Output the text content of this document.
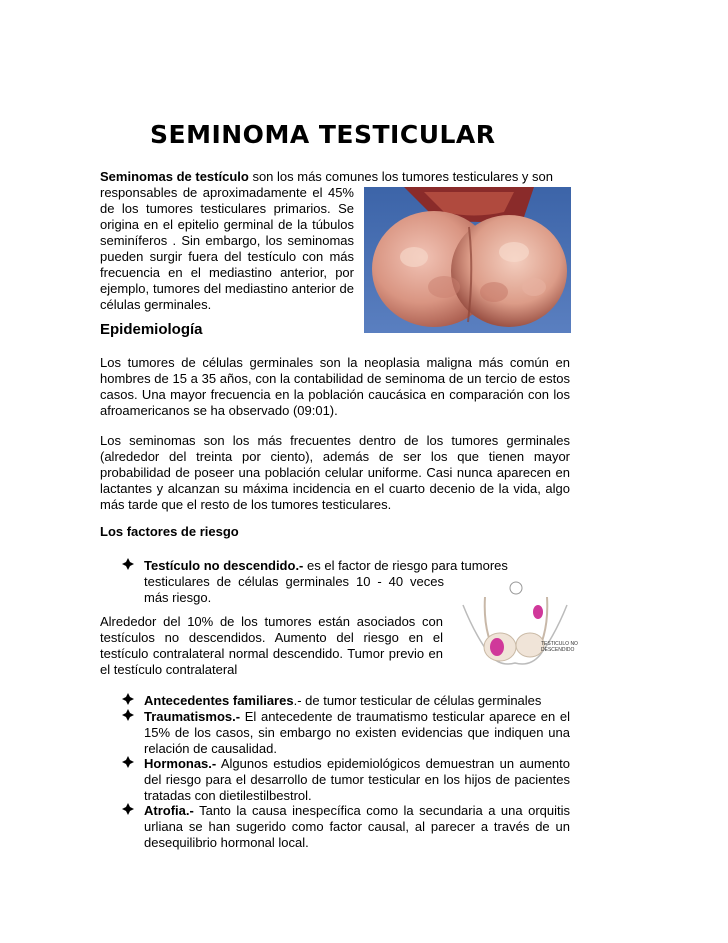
SEMINOMA TESTICULAR

Seminomas de testículo son los más comunes los tumores testiculares y son

responsables de aproximadamente el 45% de los tumores testiculares primarios. Se origina en el epitelio germinal de la túbulos seminíferos . Sin embargo, los seminomas pueden surgir fuera del testículo con más frecuencia en el mediastino anterior, por ejemplo, tumores del mediastino anterior de células germinales.

Epidemiología

Los tumores de células germinales son la neoplasia maligna más común en hombres de 15 a 35 años, con la contabilidad de seminoma de un tercio de estos casos. Una mayor frecuencia en la población caucásica en comparación con los afroamericanos se ha observado (09:01).

Los seminomas son los más frecuentes dentro de los tumores germinales (alrededor del treinta por ciento), además de ser los que tienen mayor probabilidad de poseer una población celular uniforme. Casi nunca aparecen en lactantes y alcanzan su máxima incidencia en el cuarto decenio de la vida, algo más tarde que el resto de los tumores testiculares.

Los factores de riesgo

Testículo no descendido.- es el factor de riesgo para tumores

testiculares de células germinales 10 - 40 veces más riesgo.

Alrededor del 10% de los tumores están asociados con testículos no descendidos. Aumento del riesgo en el testículo contralateral normal descendido. Tumor previo en el testículo contralateral

TESTICULO NO DESCENDIDO

Antecedentes familiares.- de tumor testicular de células germinales

Traumatismos.- El antecedente de traumatismo testicular aparece en el 15% de los casos, sin embargo no existen evidencias que indiquen una relación de causalidad.

Hormonas.- Algunos estudios epidemiológicos demuestran un aumento del riesgo para el desarrollo de tumor testicular en los hijos de pacientes tratadas con dietilestilbestrol.

Atrofia.- Tanto la causa inespecífica como la secundaria a una orquitis urliana se han sugerido como factor causal, al parecer a través de un desequilibrio hormonal local.
